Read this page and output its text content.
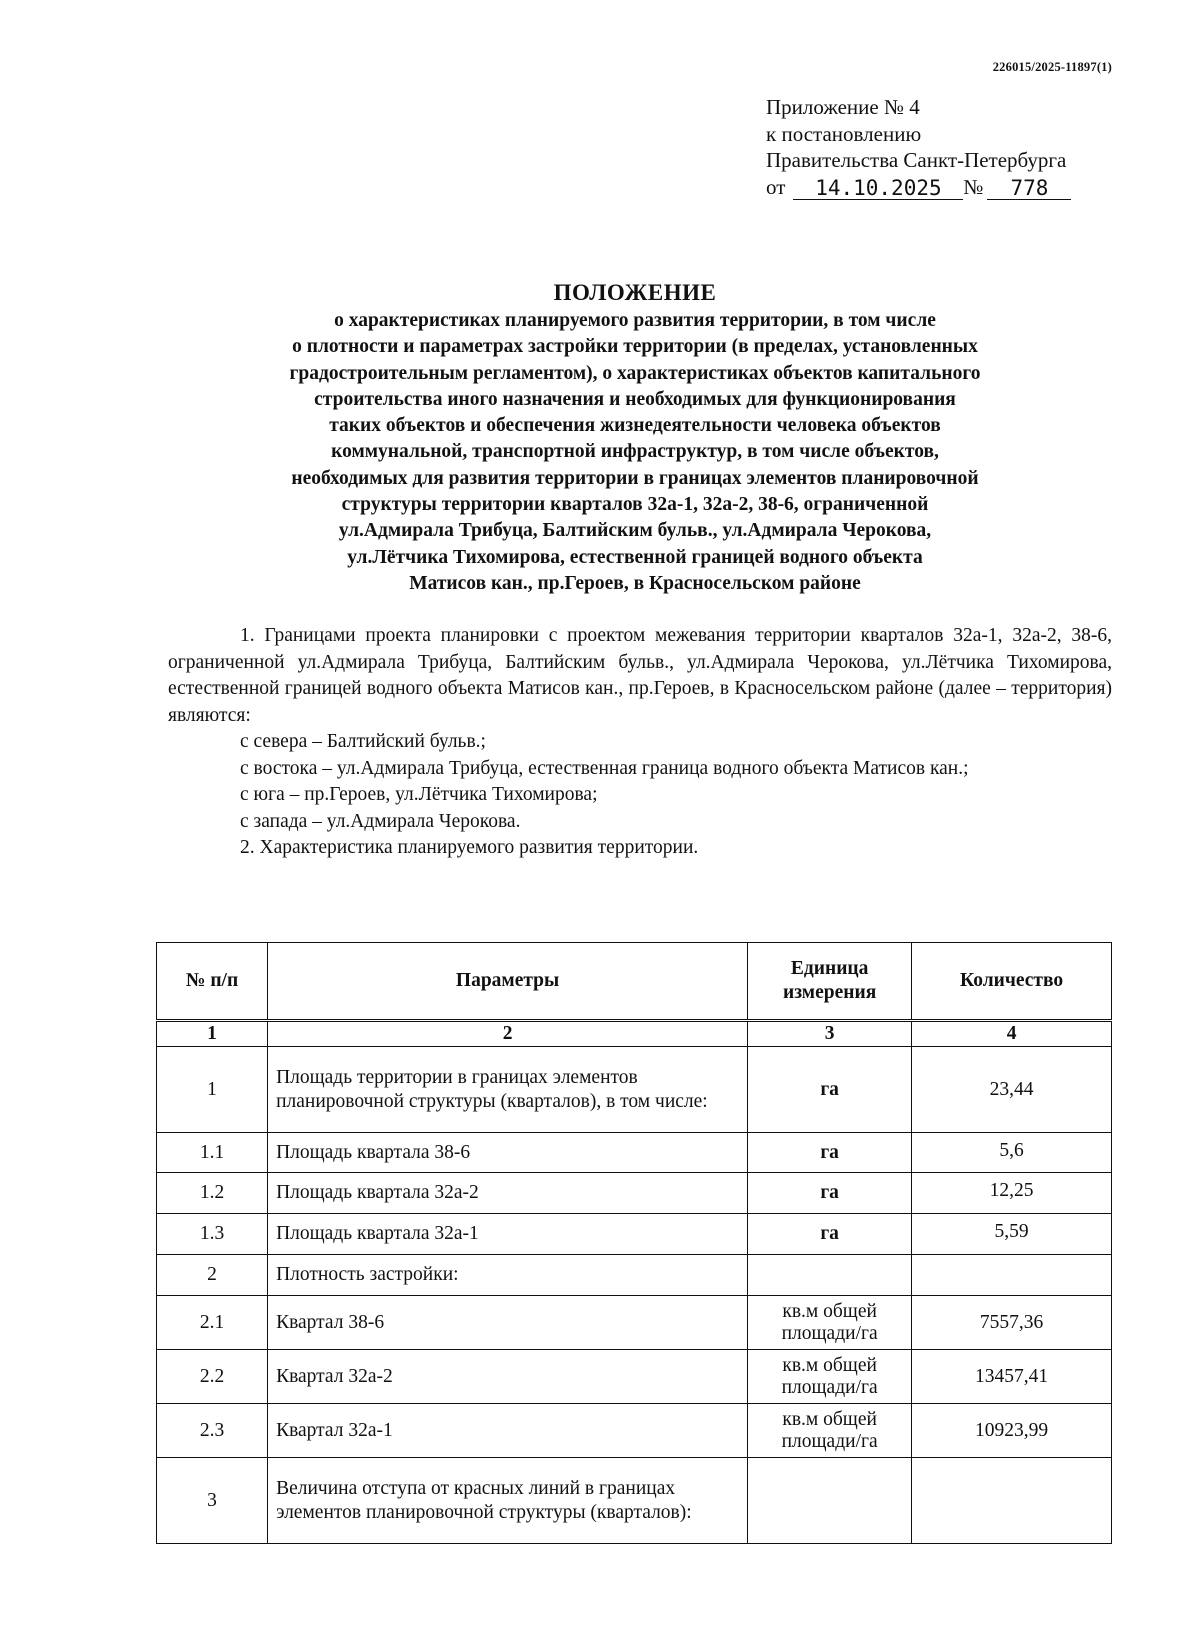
226015/2025-11897(1)
Приложение № 4
к постановлению
Правительства Санкт-Петербурга
от	14.10.2025	№	778
ПОЛОЖЕНИЕ
о характеристиках планируемого развития территории, в том числе
о плотности и параметрах застройки территории (в пределах, установленных
градостроительным регламентом), о характеристиках объектов капитального
строительства иного назначения и необходимых для функционирования
таких объектов и обеспечения жизнедеятельности человека объектов
коммунальной, транспортной инфраструктур, в том числе объектов,
необходимых для развития территории в границах элементов планировочной
структуры территории кварталов 32а-1, 32а-2, 38-6, ограниченной
ул.Адмирала Трибуца, Балтийским бульв., ул.Адмирала Черокова,
ул.Лётчика Тихомирова, естественной границей водного объекта
Матисов кан., пр.Героев, в Красносельском районе

1. Границами проекта планировки с проектом межевания территории кварталов 32а-1, 32а-2, 38-6, ограниченной ул.Адмирала Трибуца, Балтийским бульв., ул.Адмирала Черокова, ул.Лётчика Тихомирова, естественной границей водного объекта Матисов кан., пр.Героев, в Красносельском районе (далее – территория) являются:

с севера – Балтийский бульв.;

с востока – ул.Адмирала Трибуца, естественная граница водного объекта Матисов кан.;

с юга – пр.Героев, ул.Лётчика Тихомирова;

с запада – ул.Адмирала Черокова.

2. Характеристика планируемого развития территории.

№ п/п	Параметры	Единица измерения	Количество
1	2	3	4
1	Площадь территории в границах элементов планировочной структуры (кварталов), в том числе:	га	23,44
1.1	Площадь квартала 38-6	га	5,6
1.2	Площадь квартала 32а-2	га	12,25
1.3	Площадь квартала 32а-1	га	5,59
2	Плотность застройки:		
2.1	Квартал 38-6	кв.м общей площади/га	7557,36
2.2	Квартал 32а-2	кв.м общей площади/га	13457,41
2.3	Квартал 32а-1	кв.м общей площади/га	10923,99
3	Величина отступа от красных линий в границах элементов планировочной структуры (кварталов):		
